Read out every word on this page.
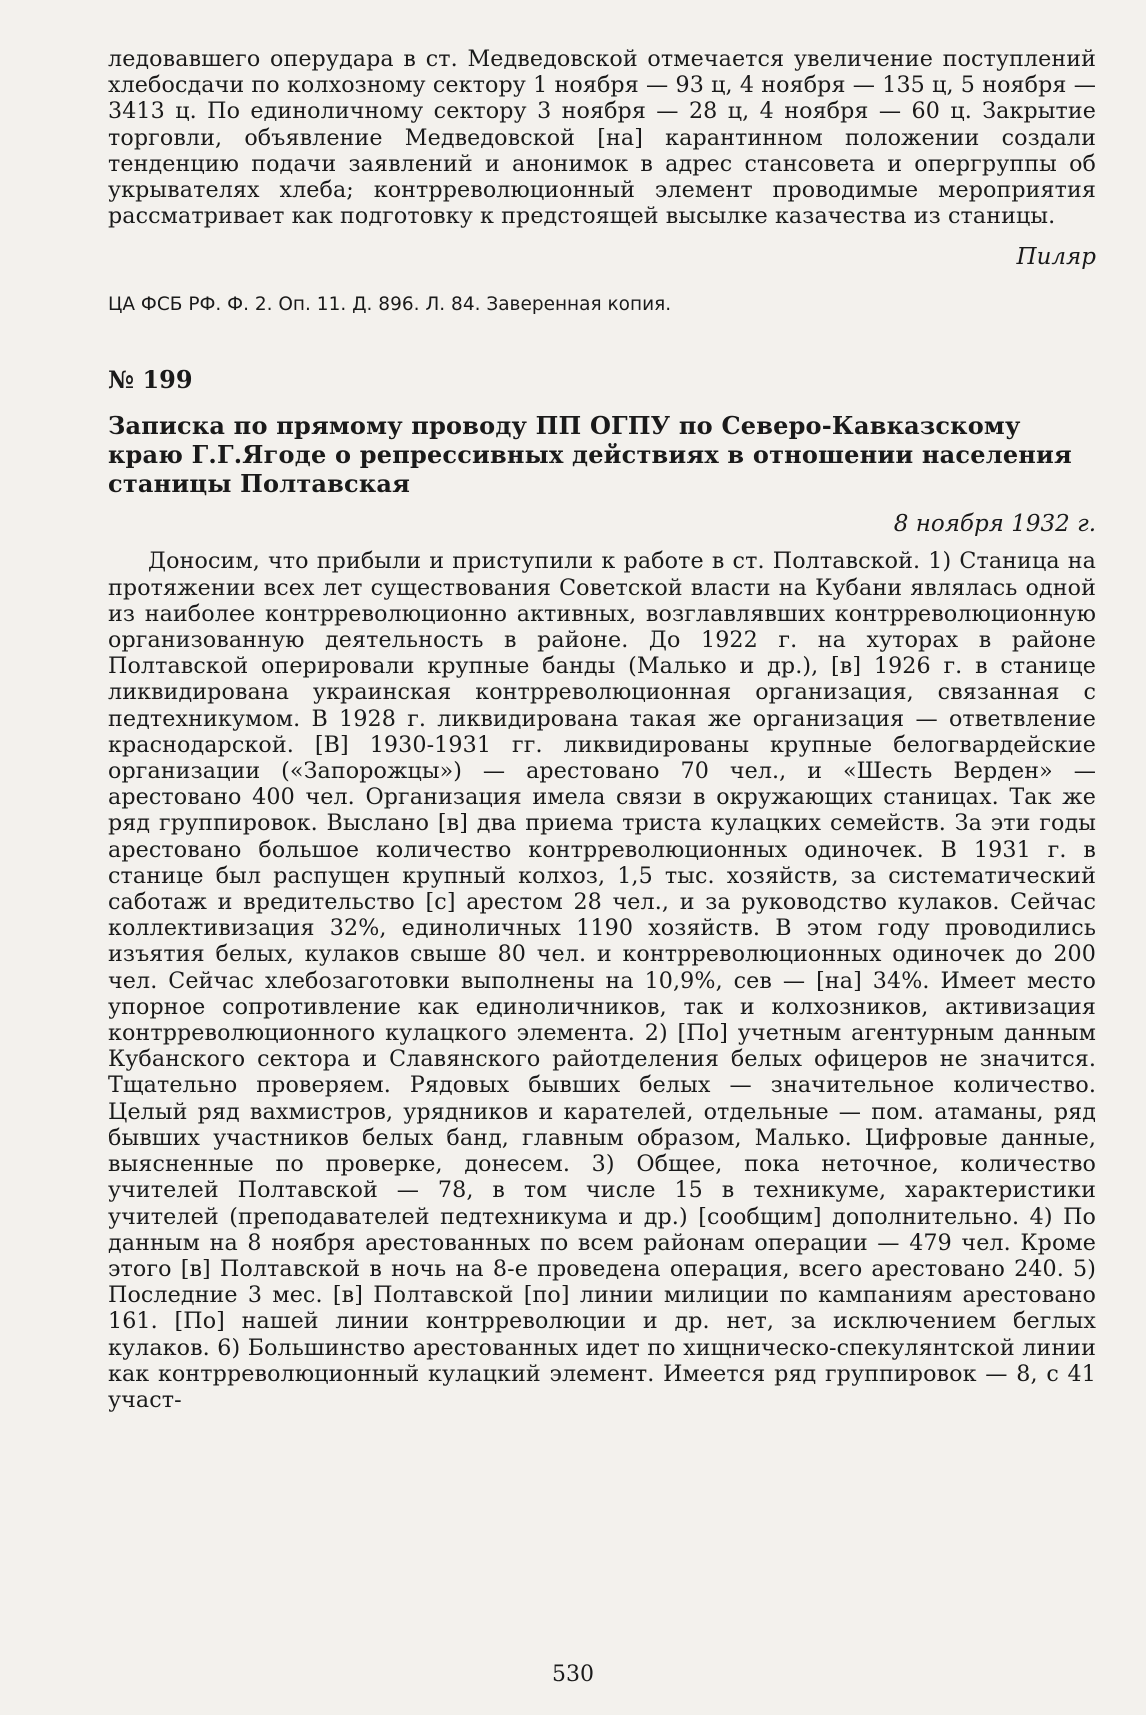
ледовавшего оперударa в ст. Медведовской отмечается увеличение поступлений хлебосдачи по колхозному сектору 1 ноября — 93 ц, 4 ноября — 135 ц, 5 ноября — 3413 ц. По единоличному сектору 3 ноября — 28 ц, 4 ноября — 60 ц. Закрытие торговли, объявление Медведовской [на] карантинном положении создали тенденцию подачи заявлений и анонимок в адрес стансовета и опергруппы об укрывателях хлеба; контрреволюционный элемент проводимые мероприятия рассматривает как подготовку к предстоящей высылке казачества из станицы.

Пиляр
ЦА ФСБ РФ. Ф. 2. Оп. 11. Д. 896. Л. 84. Заверенная копия.
№ 199
Записка по прямому проводу ПП ОГПУ по Северо-Кавказскому краю Г.Г.Ягоде о репрессивных действиях в отношении населения станицы Полтавская
8 ноября 1932 г.

Доносим, что прибыли и приступили к работе в ст. Полтавской. 1) Станица на протяжении всех лет существования Советской власти на Кубани являлась одной из наиболее контрреволюционно активных, возглавлявших контрреволюционную организованную деятельность в районе. До 1922 г. на хуторах в районе Полтавской оперировали крупные банды (Малько и др.), [в] 1926 г. в станице ликвидирована украинская контрреволюционная организация, связанная с педтехникумом. В 1928 г. ликвидирована такая же организация — ответвление краснодарской. [В] 1930-1931 гг. ликвидированы крупные белогвардейские организации («Запорожцы») — арестовано 70 чел., и «Шесть Верден» — арестовано 400 чел. Организация имела связи в окружающих станицах. Так же ряд группировок. Выслано [в] два приема триста кулацких семейств. За эти годы арестовано большое количество контрреволюционных одиночек. В 1931 г. в станице был распущен крупный колхоз, 1,5 тыс. хозяйств, за систематический саботаж и вредительство [с] арестом 28 чел., и за руководство кулаков. Сейчас коллективизация 32%, единоличных 1190 хозяйств. В этом году проводились изъятия белых, кулаков свыше 80 чел. и контрреволюционных одиночек до 200 чел. Сейчас хлебозаготовки выполнены на 10,9%, сев — [на] 34%. Имеет место упорное сопротивление как единоличников, так и колхозников, активизация контрреволюционного кулацкого элемента. 2) [По] учетным агентурным данным Кубанского сектора и Славянского райотделения белых офицеров не значится. Тщательно проверяем. Рядовых бывших белых — значительное количество. Целый ряд вахмистров, урядников и карателей, отдельные — пом. атаманы, ряд бывших участников белых банд, главным образом, Малько. Цифровые данные, выясненные по проверке, донесем. 3) Общее, пока неточное, количество учителей Полтавской — 78, в том числе 15 в техникуме, характеристики учителей (преподавателей педтехникума и др.) [сообщим] дополнительно. 4) По данным на 8 ноября арестованных по всем районам операции — 479 чел. Кроме этого [в] Полтавской в ночь на 8-е проведена операция, всего арестовано 240. 5) Последние 3 мес. [в] Полтавской [по] линии милиции по кампаниям арестовано 161. [По] нашей линии контрреволюции и др. нет, за исключением беглых кулаков. 6) Большинство арестованных идет по хищническо-спекулянтской линии как контрреволюционный кулацкий элемент. Имеется ряд группировок — 8, с 41 участ-

530
